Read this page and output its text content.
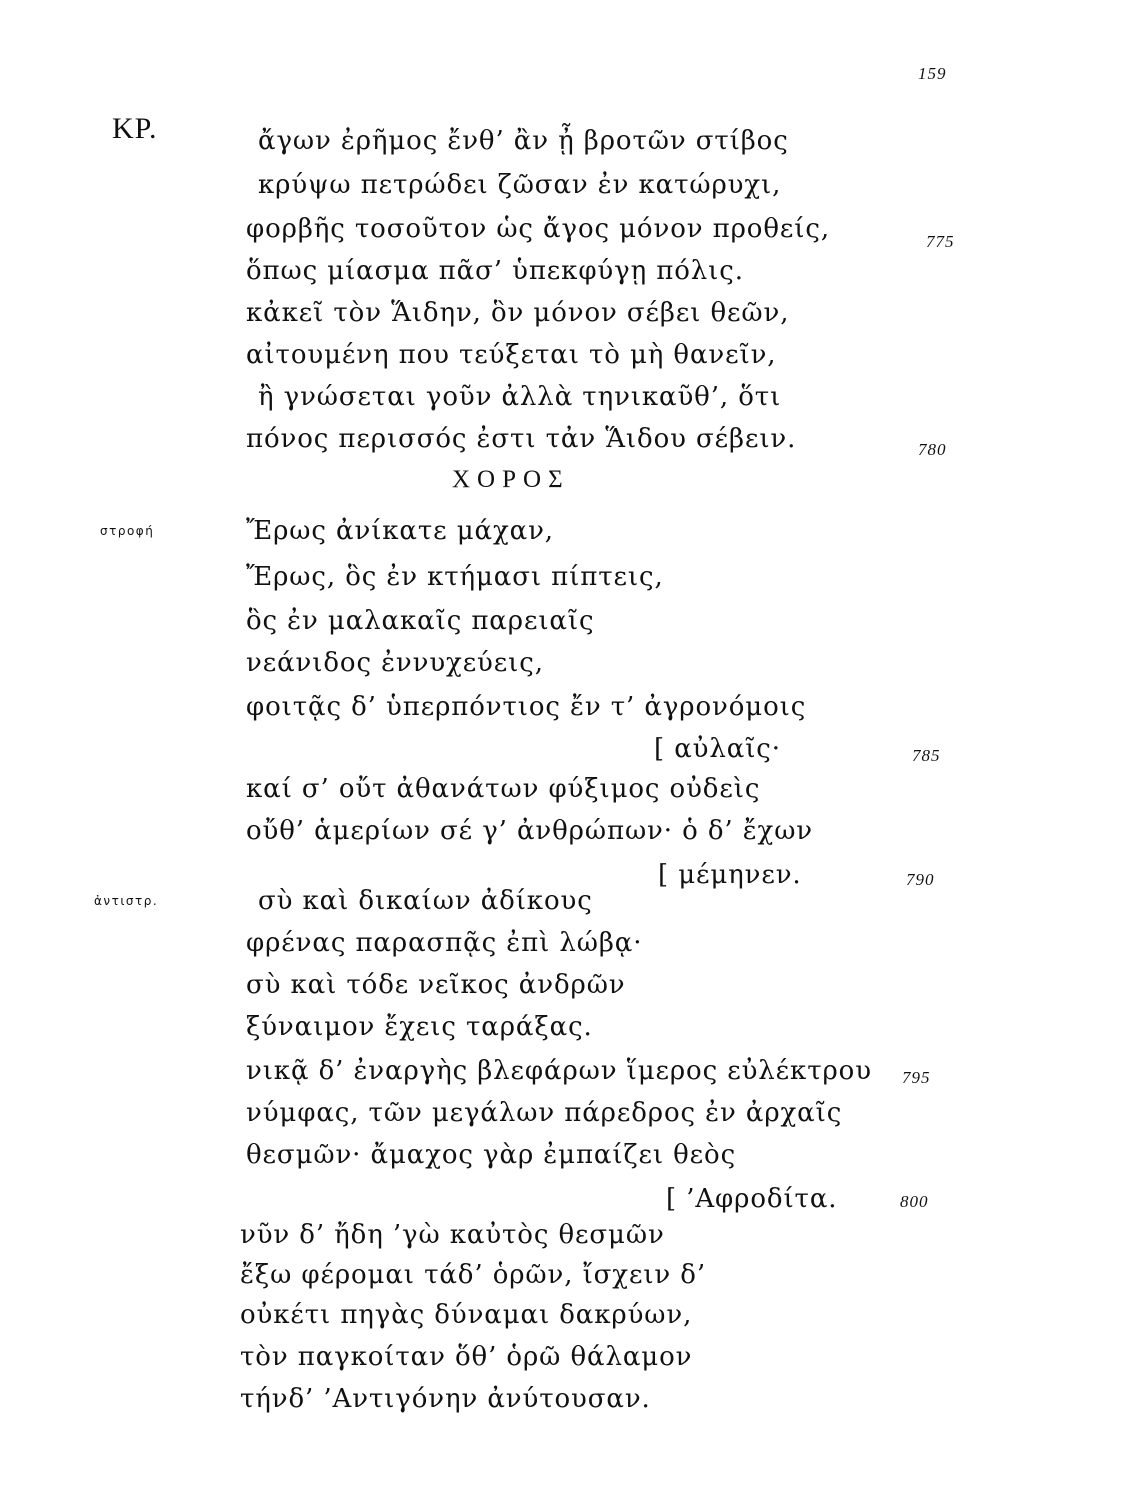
159
ΚΡ.	ἄγων ἐρῆμος ἔνθ’ ἂν ᾖ βροτῶν στίβος
κρύψω πετρώδει ζῶσαν ἐν κατώρυχι,
φορβῆς τοσοῦτον ὡς ἄγος μόνον προθείς,
ὅπως μίασμα πᾶσ’ ὑπεκφύγῃ πόλις.
κἀκεῖ τὸν Ἅιδην, ὃν μόνον σέβει θεῶν,
αἰτουμένη που τεύξεται τὸ μὴ θανεῖν,
ἢ γνώσεται γοῦν ἀλλὰ τηνικαῦθ’, ὅτι
πόνος περισσός ἐστι τἀν Ἅιδου σέβειν.
ΧΟΡΟΣ
στροφή	Ἔρως ἀνίκατε μάχαν,
Ἔρως, ὃς ἐν κτήμασι πίπτεις,
ὃς ἐν μαλακαῖς παρειαῖς
νεάνιδος ἐννυχεύεις,
φοιτᾷς δ’ ὑπερπόντιος ἔν τ’ ἀγρονόμοις
[ αὐλαῖς·
καί σ’ οὔτ ἀθανάτων φύξιμος οὐδεὶς
οὔθ’ ἁμερίων σέ γ’ ἀνθρώπων· ὁ δ’ ἔχων
[ μέμηνεν.
ἀντιστρ.	σὺ καὶ δικαίων ἀδίκους
φρένας παρασπᾷς ἐπὶ λώβᾳ·
σὺ καὶ τόδε νεῖκος ἀνδρῶν
ξύναιμον ἔχεις ταράξας.
νικᾷ δ’ ἐναργὴς βλεφάρων ἵμερος εὐλέκτρου
νύμφας, τῶν μεγάλων πάρεδρος ἐν ἀρχαῖς
θεσμῶν· ἄμαχος γὰρ ἐμπαίζει θεὸς
[ ’Αφροδίτα.
νῦν δ’ ἤδη ’γὼ καὐτὸς θεσμῶν
ἔξω φέρομαι τάδ’ ὁρῶν, ἴσχειν δ’
οὐκέτι πηγὰς δύναμαι δακρύων,
τὸν παγκοίταν ὅθ’ ὁρῶ θάλαμον
τήνδ’ ’Αντιγόνην ἀνύτουσαν.
775
780
785
790
795
800
